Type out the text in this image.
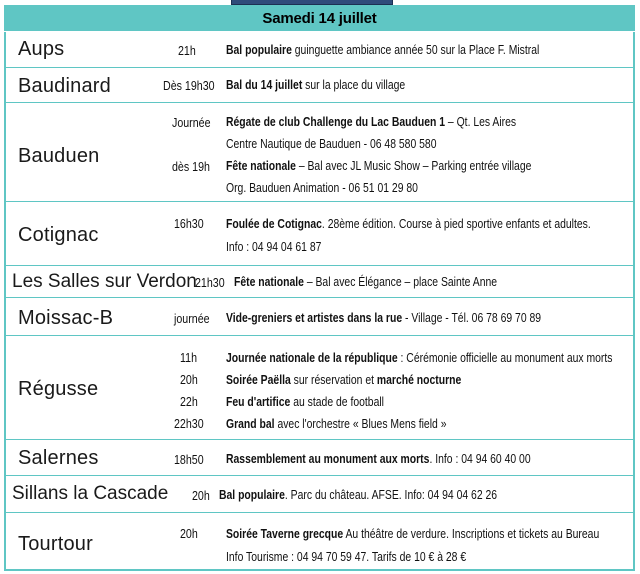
Samedi 14 juillet
Aups	21h Bal populaire guinguette ambiance année 50 sur la Place F. Mistral
Baudinard	Dès 19h30 Bal du 14 juillet sur la place du village
Bauduen
Journée Régate de club Challenge du Lac Bauduen 1 – Qt. Les Aires
Centre Nautique de Bauduen - 06 48 580 580
dès 19h Fête nationale – Bal avec JL Music Show – Parking entrée village
Org. Bauduen Animation - 06 51 01 29 80
Cotignac
16h30 Foulée de Cotignac. 28ème édition. Course à pied sportive enfants et adultes.
Info : 04 94 04 61 87
Les Salles sur Verdon
21h30 Fête nationale – Bal avec Élégance – place Sainte Anne
Moissac-B	journée Vide-greniers et artistes dans la rue - Village - Tél. 06 78 69 70 89
Régusse
11h Journée nationale de la république : Cérémonie officielle au monument aux morts
20h Soirée Paëlla sur réservation et marché nocturne
22h Feu d'artifice au stade de football
22h30 Grand bal avec l'orchestre « Blues Mens field »
Salernes	18h50 Rassemblement au monument aux morts. Info : 04 94 60 40 00
Sillans la Cascade 20h Bal populaire. Parc du château. AFSE. Info: 04 94 04 62 26
Tourtour	20h Soirée Taverne grecque Au théâtre de verdure. Inscriptions et tickets au Bureau
Info Tourisme : 04 94 70 59 47. Tarifs de 10 € à 28 €
